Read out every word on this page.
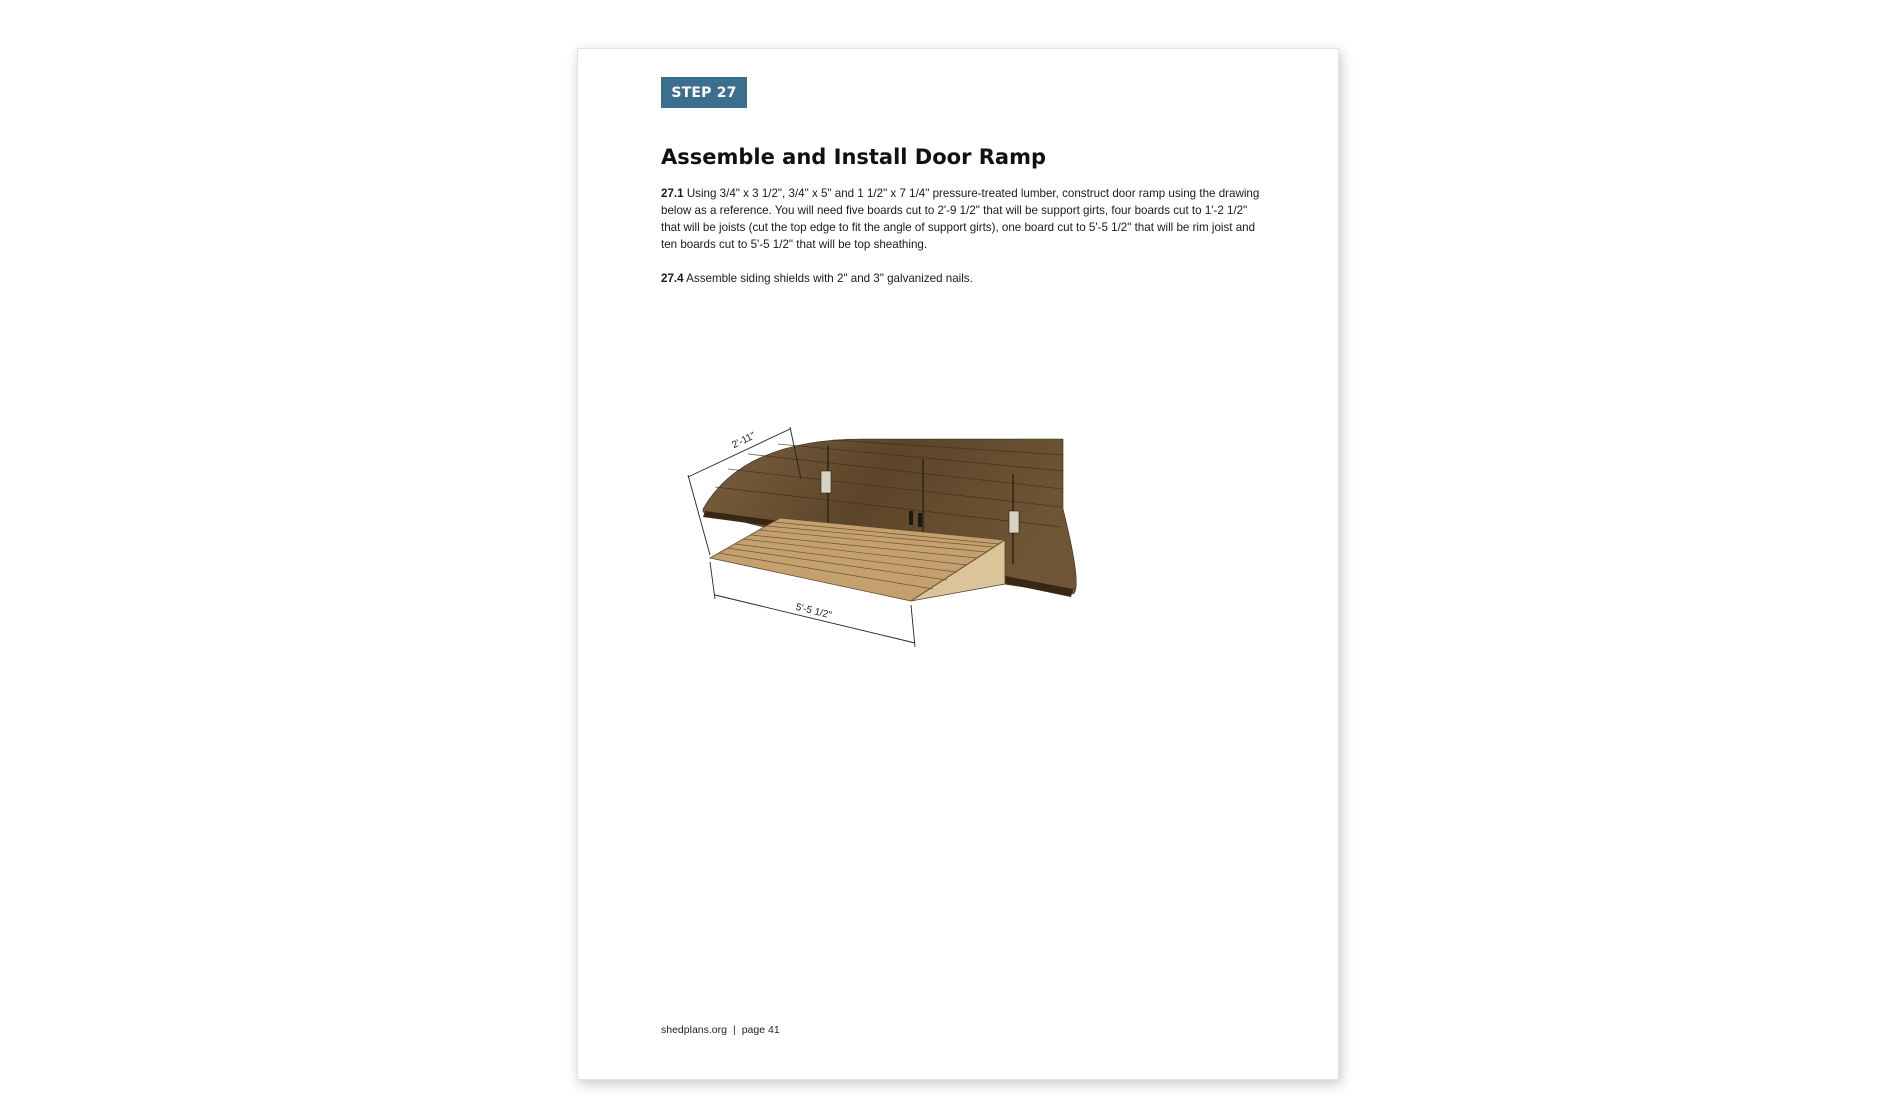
STEP 27
Assemble and Install Door Ramp

27.1 Using 3/4" x 3 1/2", 3/4" x 5" and 1 1/2" x 7 1/4" pressure-treated lumber, construct door ramp using the drawing below as a reference. You will need five boards cut to 2'-9 1/2" that will be support girts, four boards cut to 1'-2 1/2" that will be joists (cut the top edge to fit the angle of support girts), one board cut to 5'-5 1/2" that will be rim joist and ten boards cut to 5'-5 1/2" that will be top sheathing.

27.4 Assemble siding shields with 2" and 3" galvanized nails.

2'-11"
5'-5 1/2"
shedplans.org | page 41
